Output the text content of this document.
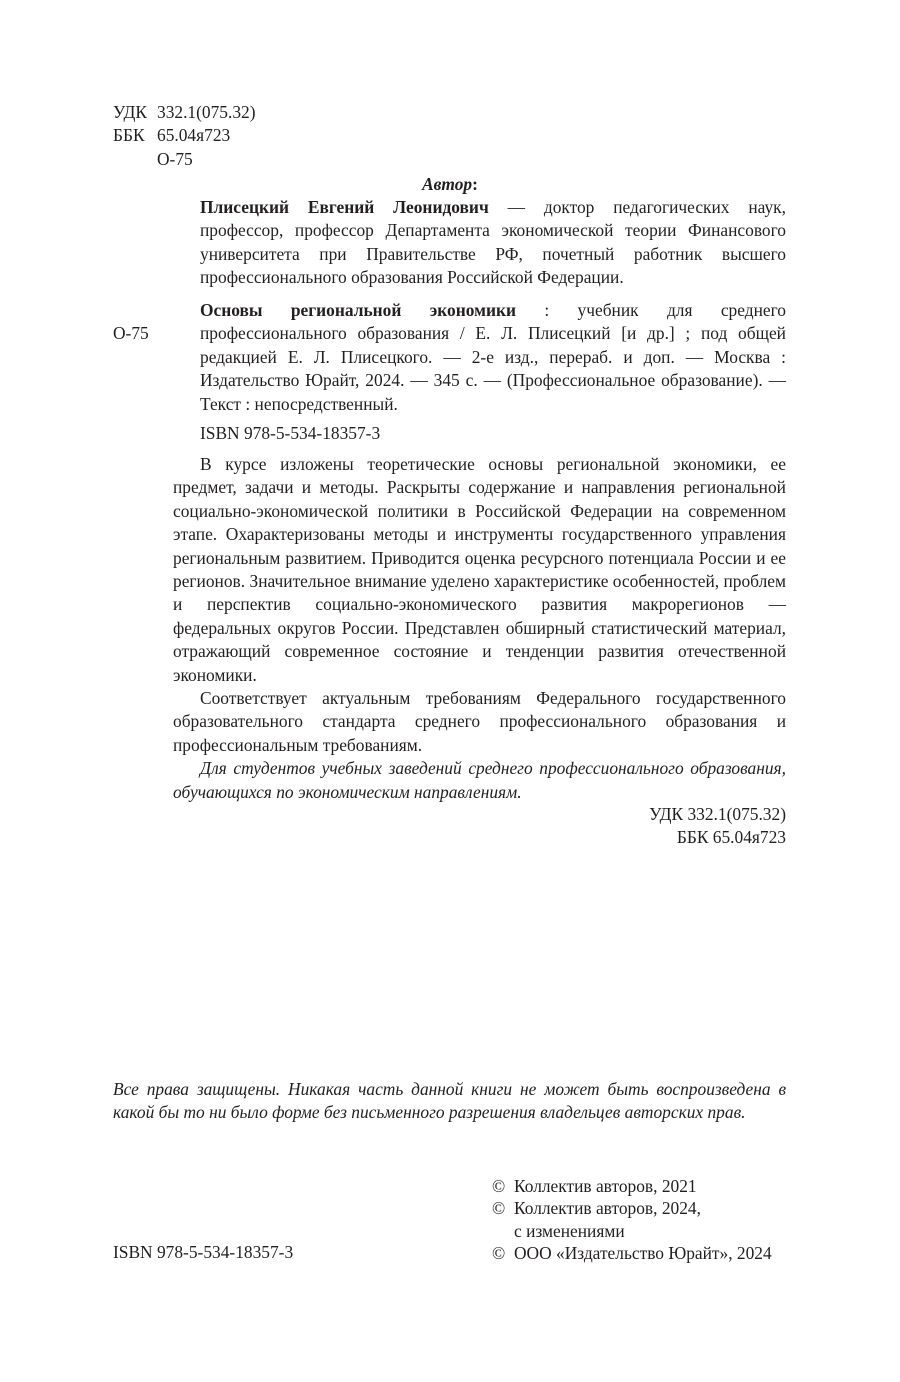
УДК 332.1(075.32)
ББК 65.04я723
О-75
Автор:
Плисецкий Евгений Леонидович — доктор педагогических наук, профессор, профессор Департамента экономической теории Финансового университета при Правительстве РФ, почетный работник высшего профессионального образования Российской Федерации.
О-75
Основы региональной экономики : учебник для среднего профессионального образования / Е. Л. Плисецкий [и др.] ; под общей редакцией Е. Л. Плисецкого. — 2-е изд., перераб. и доп. — Москва : Издательство Юрайт, 2024. — 345 с. — (Профессиональное образование). — Текст : непосредственный.
ISBN 978-5-534-18357-3

В курсе изложены теоретические основы региональной экономики, ее предмет, задачи и методы. Раскрыты содержание и направления региональной социально-экономической политики в Российской Федерации на современном этапе. Охарактеризованы методы и инструменты государственного управления региональным развитием. Приводится оценка ресурсного потенциала России и ее регионов. Значительное внимание уделено характеристике особенностей, проблем и перспектив социально-экономического развития макрорегионов — федеральных округов России. Представлен обширный статистический материал, отражающий современное состояние и тенденции развития отечественной экономики.

Соответствует актуальным требованиям Федерального государственного образовательного стандарта среднего профессионального образования и профессиональным требованиям.

Для студентов учебных заведений среднего профессионального образования, обучающихся по экономическим направлениям.

УДК 332.1(075.32)
ББК 65.04я723
Все права защищены. Никакая часть данной книги не может быть воспроизведена в какой бы то ни было форме без письменного разрешения владельцев авторских прав.
© Коллектив авторов, 2021
© Коллектив авторов, 2024,
с изменениями
© ООО «Издательство Юрайт», 2024
ISBN 978-5-534-18357-3
